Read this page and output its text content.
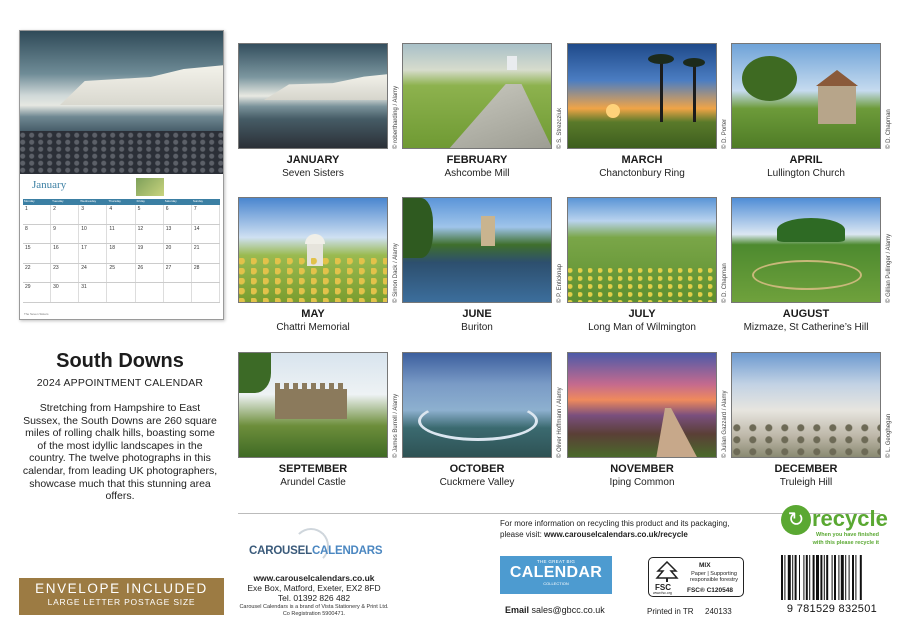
January
Monday	Tuesday	Wednesday	Thursday	Friday	Saturday	Sunday
1	2	3	4	5	6	7
8	9	10	11	12	13	14
15	16	17	18	19	20	21
22	23	24	25	26	27	28
29	30	31
The Seven Sisters
South Downs
2024 APPOINTMENT CALENDAR
Stretching from Hampshire to East Sussex, the South Downs are 260 square miles of rolling chalk hills, boasting some of the most idyllic landscapes in the country. The twelve photographs in this calendar, from leading UK photographers, showcase much that this stunning area offers.
ENVELOPE INCLUDED
LARGE LETTER POSTAGE SIZE
© robertharding / Alamy
JANUARY
Seven Sisters
© S. Strezcziuk
FEBRUARY
Ashcombe Mill
© D. Porter
MARCH
Chanctonbury Ring
© D. Chapman
APRIL
Lullington Church
© Simon Dack / Alamy
MAY
Chattri Memorial
© P. Enticknap
JUNE
Buriton
© D. Chapman
JULY
Long Man of Wilmington
© Gillian Pullinger / Alamy
AUGUST
Mizmaze, St Catherine’s Hill
© James Burrell / Alamy
SEPTEMBER
Arundel Castle
© Oliver Hoffmann / Alamy
OCTOBER
Cuckmere Valley
© Julian Gazzard / Alamy
NOVEMBER
Iping Common
© L. Geoghegan
DECEMBER
Truleigh Hill
CAROUSELCALENDARS
www.carouselcalendars.co.uk
Exe Box, Matford, Exeter, EX2 8FD
Tel. 01392 826 482
Carousel Calendars is a brand of Vista Stationery & Print Ltd.
Co Registration 5900471.
For more information on recycling this product and its packaging,
please visit: www.carouselcalendars.co.uk/recycle
THE GREAT BIG
CALENDAR
COLLECTION
Email sales@gbcc.co.uk
FSC
www.fsc.org
MIX
Paper | Supporting
responsible forestry
FSC® C120548
Printed in TR 240133
↻ recycle
When you have finished
with this please recycle it
9 781529 832501
